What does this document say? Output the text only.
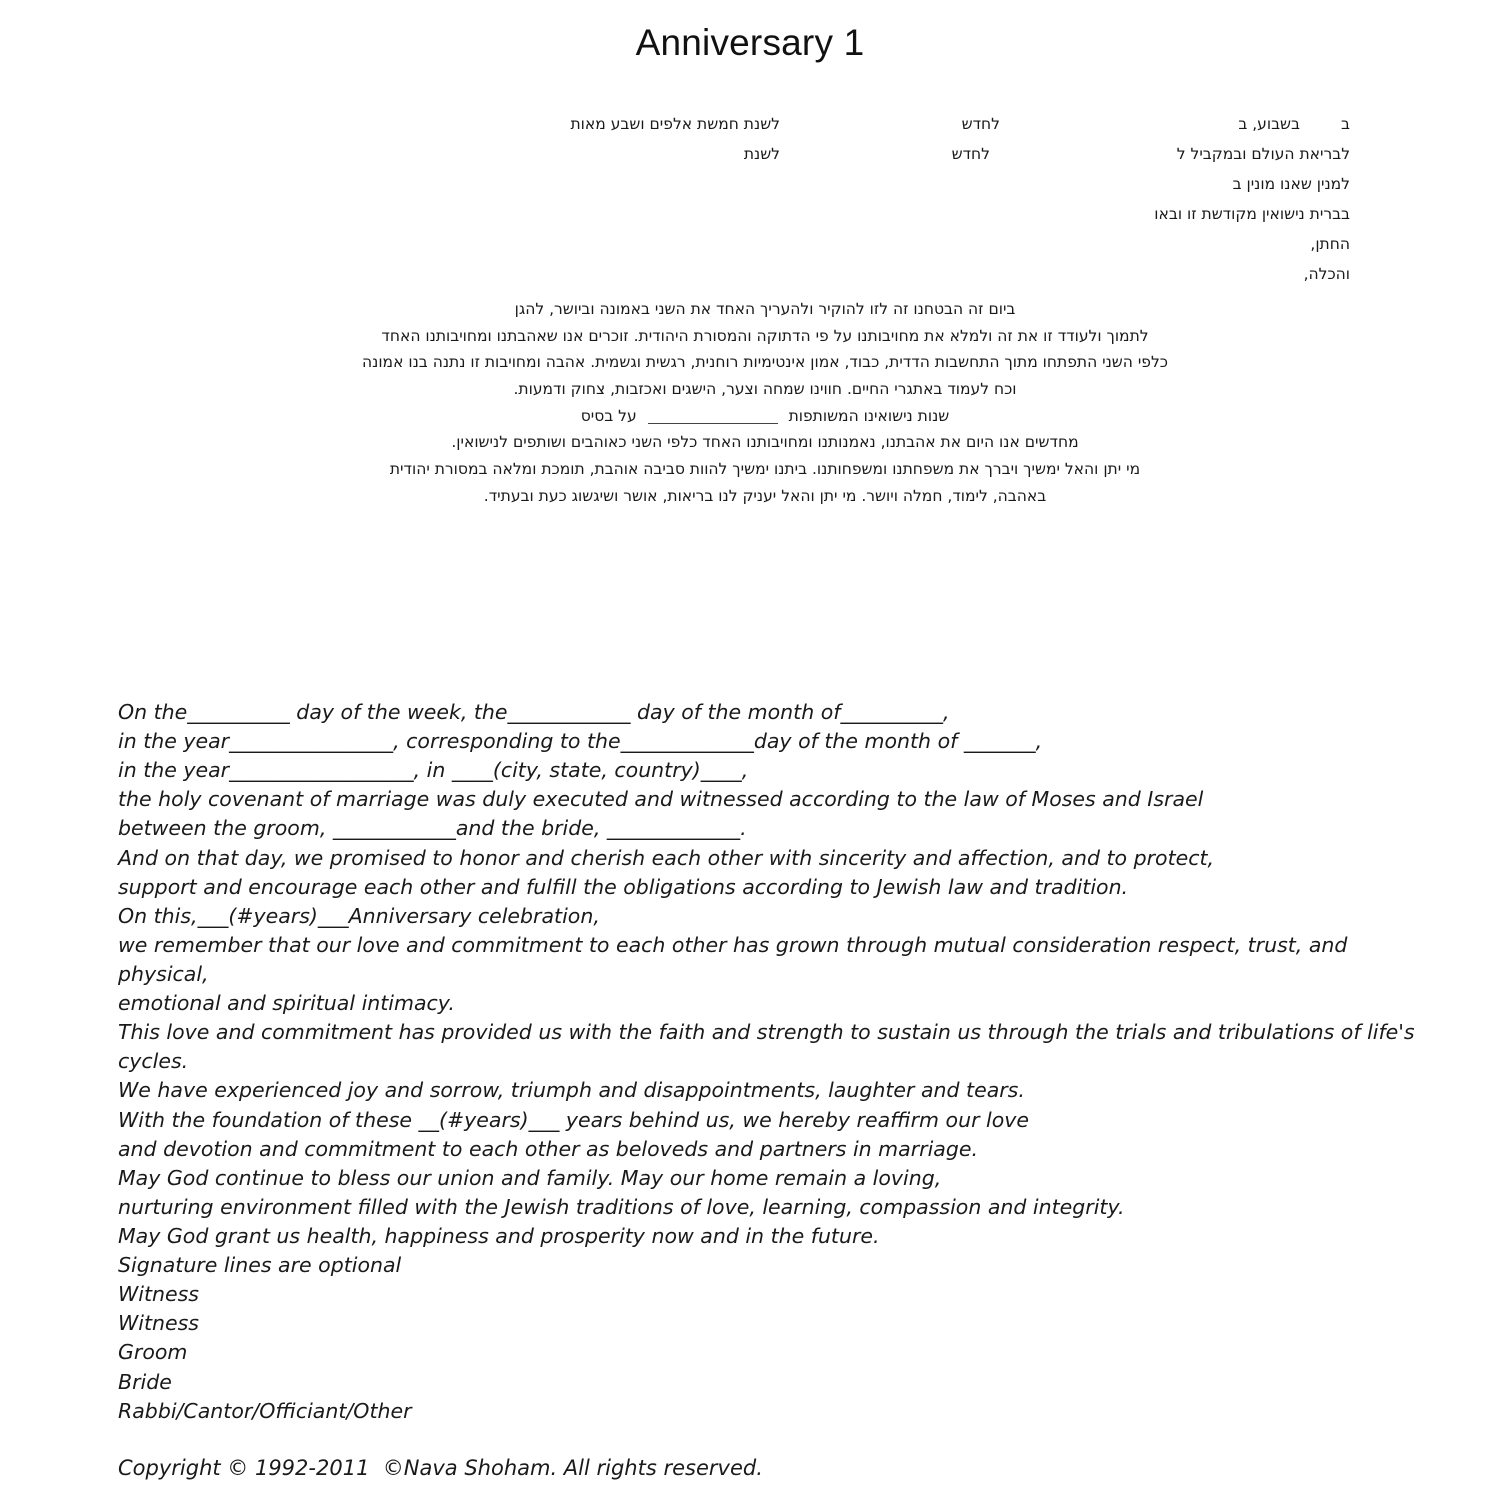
Anniversary 1
ב
בשבוע, ב
לחדש
לשנת חמשת אלפים ושבע מאות
לבריאת העולם ובמקביל ל
לחדש
לשנת
למנין שאנו מונין ב
בברית נישואין מקודשת זו ובאו
החתן,
והכלה,
ביום זה הבטחנו זה לזו להוקיר ולהעריך האחד את השני באמונה וביושר, להגן
לתמוך ולעודד זו את זה ולמלא את מחויבותנו על פי הדתוקה והמסורת היהודית. זוכרים אנו שאהבתנו ומחויבותנו האחד
כלפי השני התפתחו מתוך התחשבות הדדית, כבוד, אמון אינטימיות רוחנית, רגשית וגשמית. אהבה ומחויבות זו נתנה בנו אמונה
וכח לעמוד באתגרי החיים. חווינו שמחה וצער, הישגים ואכזבות, צחוק ודמעות.
שנות נישואינו המשותפות  על בסיס
מחדשים אנו היום את אהבתנו, נאמנותנו ומחויבותנו האחד כלפי השני כאוהבים ושותפים לנישואין.
מי יתן והאל ימשיך ויברך את משפחתנו ומשפחותנו. ביתנו ימשיך להוות סביבה אוהבת, תומכת ומלאה במסורת יהודית
באהבה, לימוד, חמלה ויושר. מי יתן והאל יעניק לנו בריאות, אושר ושיגשוג כעת ובעתיד.
On the__________ day of the week, the____________ day of the month of__________,
in the year________________, corresponding to the_____________day of the month of _______,
in the year__________________, in ____(city, state, country)____,
the holy covenant of marriage was duly executed and witnessed according to the law of Moses and Israel
between the groom, ____________and the bride, _____________.
And on that day, we promised to honor and cherish each other with sincerity and affection, and to protect,
support and encourage each other and fulfill the obligations according to Jewish law and tradition.
On this,___(#years)___Anniversary celebration,
we remember that our love and commitment to each other has grown through mutual consideration respect, trust, and physical,
emotional and spiritual intimacy.
This love and commitment has provided us with the faith and strength to sustain us through the trials and tribulations of life's cycles.
We have experienced joy and sorrow, triumph and disappointments, laughter and tears.
With the foundation of these __(#years)___ years behind us, we hereby reaffirm our love
and devotion and commitment to each other as beloveds and partners in marriage.
May God continue to bless our union and family. May our home remain a loving,
nurturing environment filled with the Jewish traditions of love, learning, compassion and integrity.
May God grant us health, happiness and prosperity now and in the future.
Signature lines are optional
Witness
Witness
Groom
Bride
Rabbi/Cantor/Officiant/Other
Copyright © 1992-2011  ©Nava Shoham. All rights reserved.
